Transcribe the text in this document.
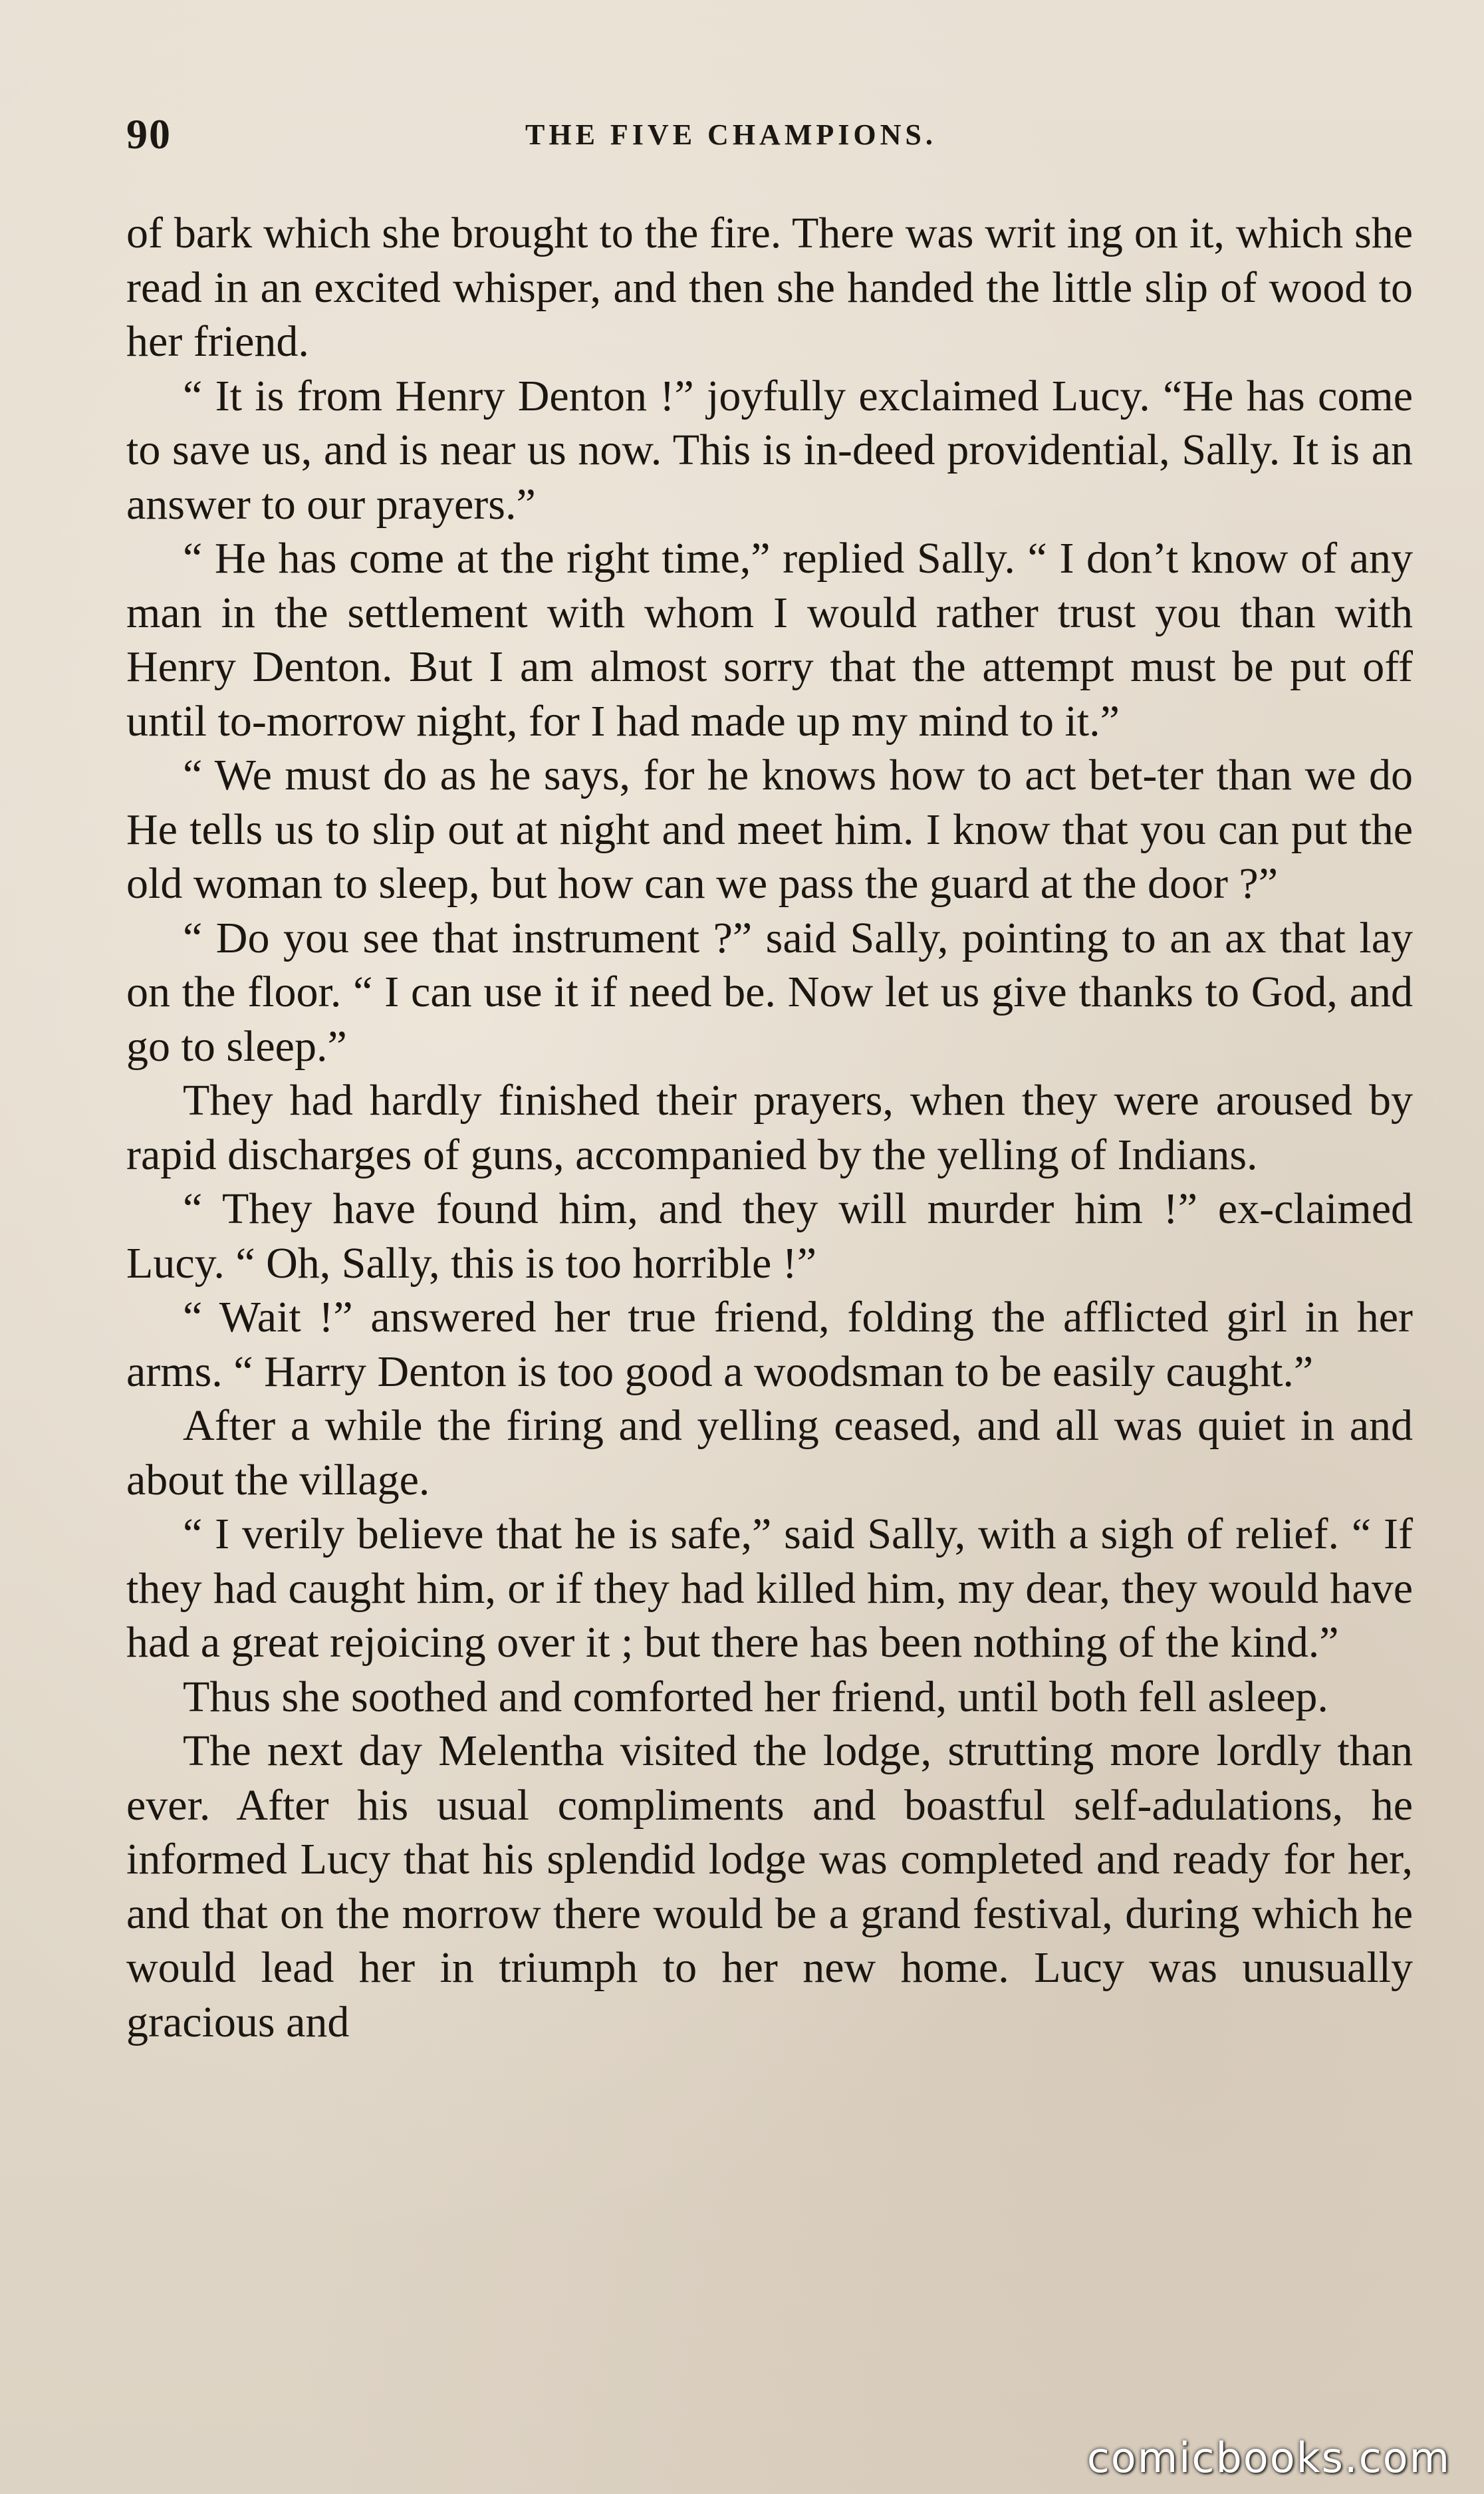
90	THE FIVE CHAMPIONS.

of bark which she brought to the fire. There was writ ing on it, which she read in an excited whisper, and then she handed the little slip of wood to her friend.

“ It is from Henry Denton !” joyfully exclaimed Lucy. “He has come to save us, and is near us now. This is in-deed providential, Sally. It is an answer to our prayers.”

“ He has come at the right time,” replied Sally. “ I don’t know of any man in the settlement with whom I would rather trust you than with Henry Denton. But I am almost sorry that the attempt must be put off until to-morrow night, for I had made up my mind to it.”

“ We must do as he says, for he knows how to act bet-ter than we do He tells us to slip out at night and meet him. I know that you can put the old woman to sleep, but how can we pass the guard at the door ?”

“ Do you see that instrument ?” said Sally, pointing to an ax that lay on the floor. “ I can use it if need be. Now let us give thanks to God, and go to sleep.”

They had hardly finished their prayers, when they were aroused by rapid discharges of guns, accompanied by the yelling of Indians.

“ They have found him, and they will murder him !” ex-claimed Lucy. “ Oh, Sally, this is too horrible !”

“ Wait !” answered her true friend, folding the afflicted girl in her arms. “ Harry Denton is too good a woodsman to be easily caught.”

After a while the firing and yelling ceased, and all was quiet in and about the village.

“ I verily believe that he is safe,” said Sally, with a sigh of relief. “ If they had caught him, or if they had killed him, my dear, they would have had a great rejoicing over it ; but there has been nothing of the kind.”

Thus she soothed and comforted her friend, until both fell asleep.

The next day Melentha visited the lodge, strutting more lordly than ever. After his usual compliments and boastful self-adulations, he informed Lucy that his splendid lodge was completed and ready for her, and that on the morrow there would be a grand festival, during which he would lead her in triumph to her new home. Lucy was unusually gracious and

comicbooks.com
